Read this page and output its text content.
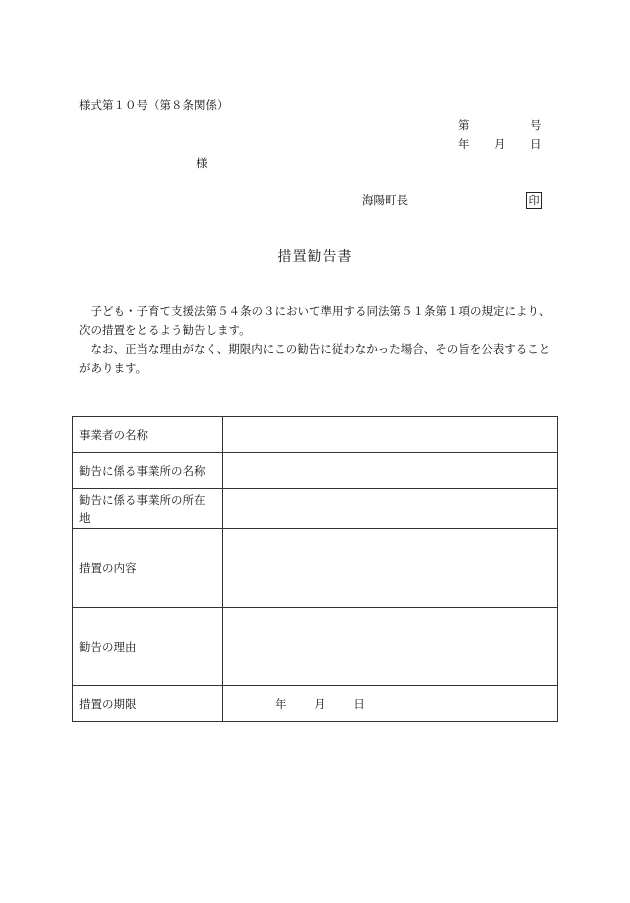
様式第１０号（第８条関係）
第	号
年 月 日
様
海陽町長	印
措置勧告書

子ども・子育て支援法第５４条の３において準用する同法第５１条第１項の規定により、次の措置をとるよう勧告します。

なお、正当な理由がなく、期限内にこの勧告に従わなかった場合、その旨を公表することがあります。

事業者の名称	
勧告に係る事業所の名称	
勧告に係る事業所の所在地	
措置の内容	
勧告の理由	
措置の期限	年 月 日
